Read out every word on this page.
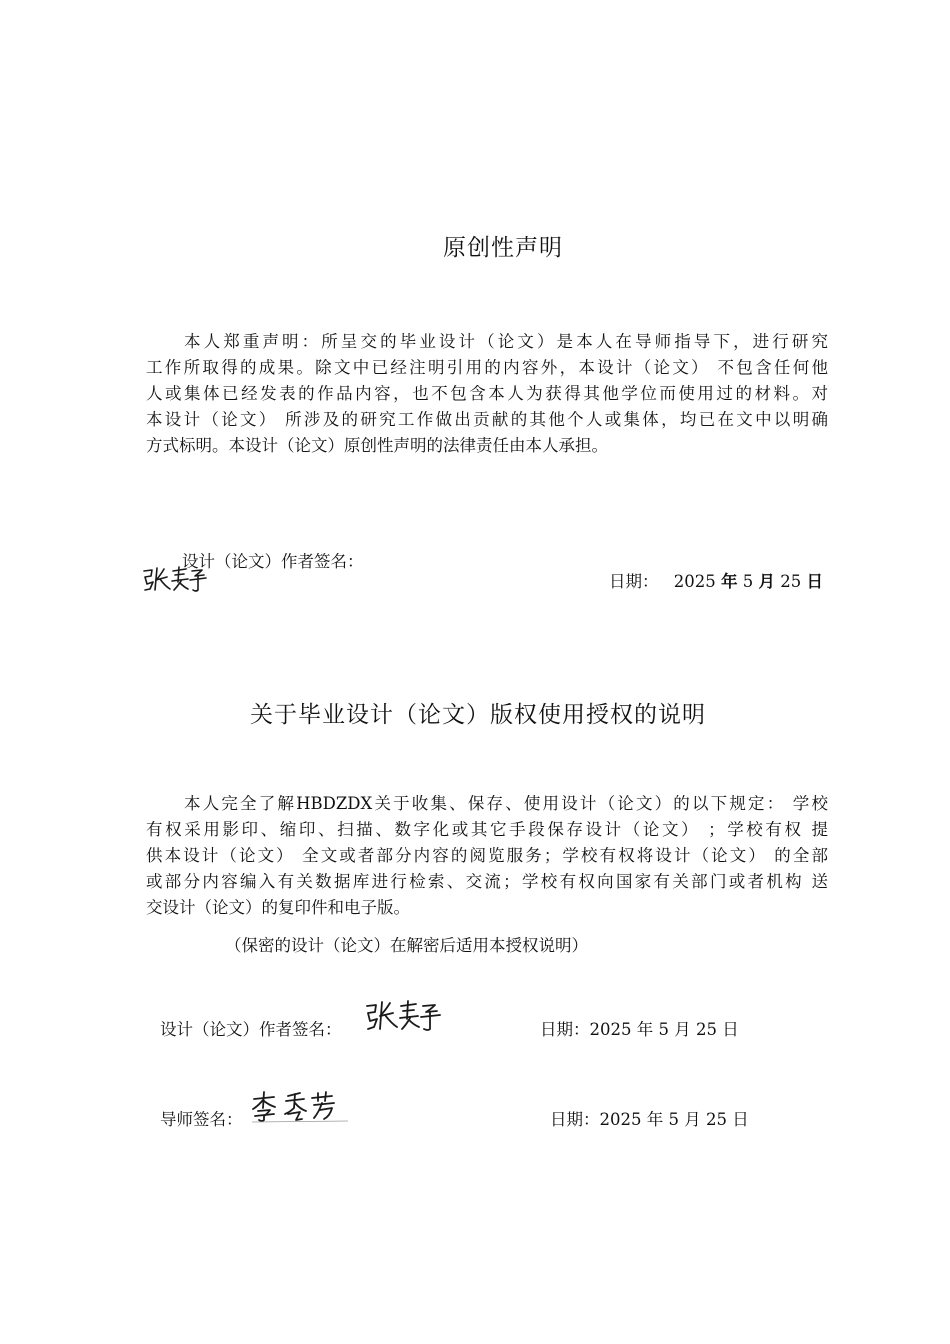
原创性声明
本人郑重声明：所呈交的毕业设计（论文）是本人在导师指导下，进行研究
工作所取得的成果。除文中已经注明引用的内容外，本设计（论文） 不包含任何他
人或集体已经发表的作品内容，也不包含本人为获得其他学位而使用过的材料。对
本设计（论文） 所涉及的研究工作做出贡献的其他个人或集体，均已在文中以明确
方式标明。本设计（论文）原创性声明的法律责任由本人承担。
设计（论文）作者签名：
日期： 2025 年 5 月 25 日
关于毕业设计（论文）版权使用授权的说明
本人完全了解HBDZDX关于收集、保存、使用设计（论文）的以下规定： 学校
有权采用影印、缩印、扫描、数字化或其它手段保存设计（论文） ；学校有权 提
供本设计（论文） 全文或者部分内容的阅览服务；学校有权将设计（论文） 的全部
或部分内容编入有关数据库进行检索、交流；学校有权向国家有关部门或者机构 送
交设计（论文）的复印件和电子版。
（保密的设计（论文）在解密后适用本授权说明）
设计（论文）作者签名：	日期：2025 年 5 月 25 日
导师签名：	日期：2025 年 5 月 25 日
